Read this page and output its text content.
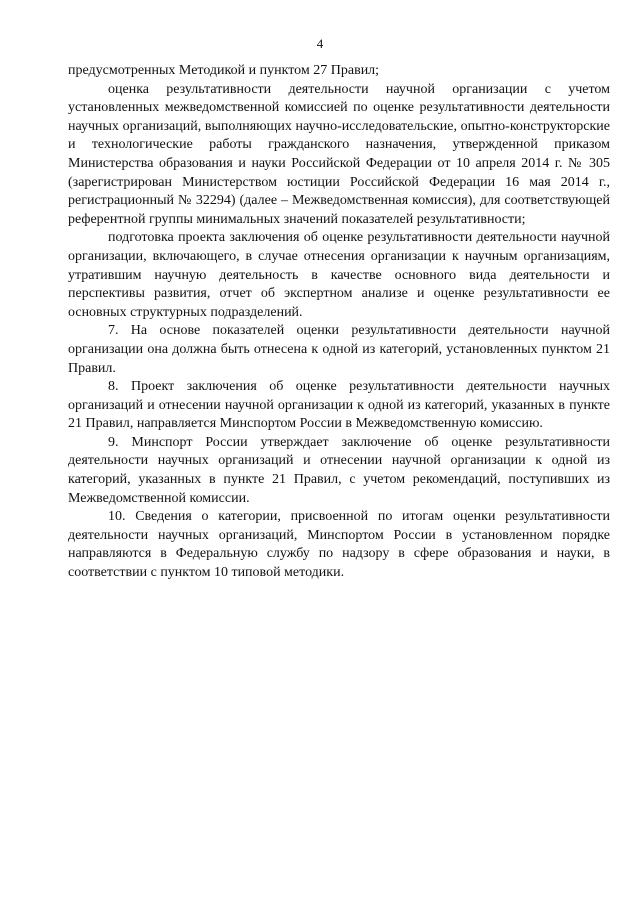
4

предусмотренных Методикой и пунктом 27 Правил;

оценка результативности деятельности научной организации с учетом установленных межведомственной комиссией по оценке результативности деятельности научных организаций, выполняющих научно-исследовательские, опытно-конструкторские и технологические работы гражданского назначения, утвержденной приказом Министерства образования и науки Российской Федерации от 10 апреля 2014 г. № 305 (зарегистрирован Министерством юстиции Российской Федерации 16 мая 2014 г., регистрационный № 32294) (далее – Межведомственная комиссия), для соответствующей референтной группы минимальных значений показателей результативности;

подготовка проекта заключения об оценке результативности деятельности научной организации, включающего, в случае отнесения организации к научным организациям, утратившим научную деятельность в качестве основного вида деятельности и перспективы развития, отчет об экспертном анализе и оценке результативности ее основных структурных подразделений.

7. На основе показателей оценки результативности деятельности научной организации она должна быть отнесена к одной из категорий, установленных пунктом 21 Правил.

8. Проект заключения об оценке результативности деятельности научных организаций и отнесении научной организации к одной из категорий, указанных в пункте 21 Правил, направляется Минспортом России в Межведомственную комиссию.

9. Минспорт России утверждает заключение об оценке результативности деятельности научных организаций и отнесении научной организации к одной из категорий, указанных в пункте 21 Правил, с учетом рекомендаций, поступивших из Межведомственной комиссии.

10. Сведения о категории, присвоенной по итогам оценки результативности деятельности научных организаций, Минспортом России в установленном порядке направляются в Федеральную службу по надзору в сфере образования и науки, в соответствии с пунктом 10 типовой методики.
